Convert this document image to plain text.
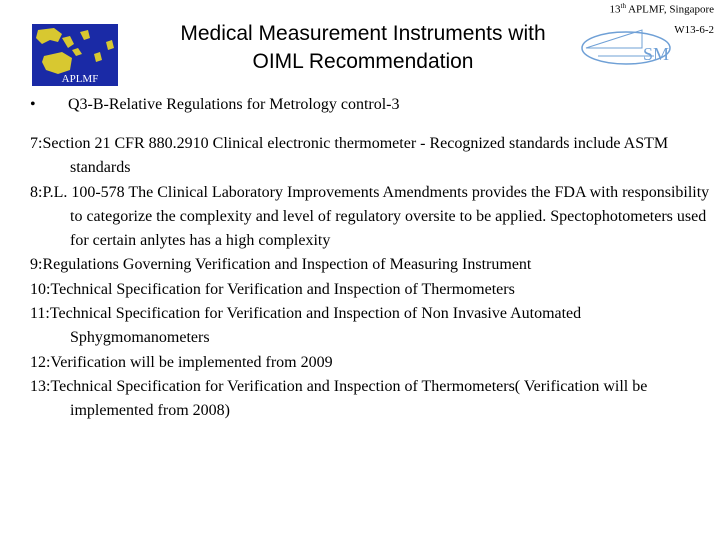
APLMF
13th APLMF, Singapore
W13-6-2
SM
Medical Measurement Instruments with
OIML Recommendation
• Q3-B-Relative Regulations for Metrology control-3
7:Section 21 CFR 880.2910 Clinical electronic thermometer - Recognized standards include ASTM standards
8:P.L. 100-578 The Clinical Laboratory Improvements Amendments provides the FDA with responsibility to categorize the complexity and level of regulatory oversite to be applied. Spectophotometers used for certain anlytes has a high complexity
9:Regulations Governing Verification and Inspection of Measuring Instrument
10:Technical Specification for Verification and Inspection of Thermometers
11:Technical Specification for Verification and Inspection of Non Invasive Automated Sphygmomanometers
12:Verification will be implemented from 2009
13:Technical Specification for Verification and Inspection of Thermometers( Verification will be implemented from 2008)
